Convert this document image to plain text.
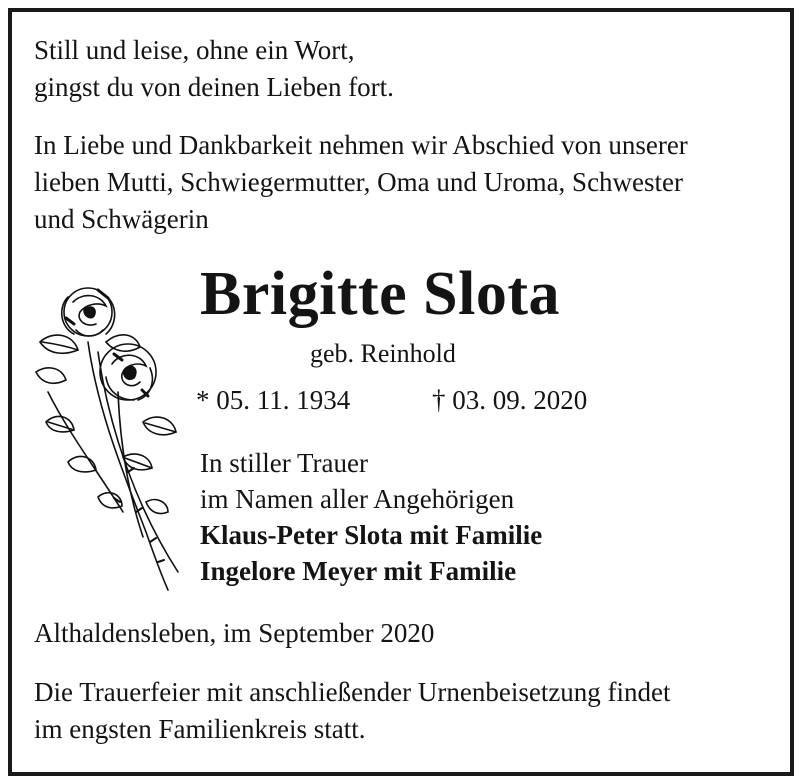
Still und leise, ohne ein Wort,
gingst du von deinen Lieben fort.
In Liebe und Dankbarkeit nehmen wir Abschied von unserer
lieben Mutti, Schwiegermutter, Oma und Uroma, Schwester
und Schwägerin
Brigitte Slota
geb. Reinhold
* 05. 11. 1934	† 03. 09. 2020
In stiller Trauer
im Namen aller Angehörigen
Klaus-Peter Slota mit Familie
Ingelore Meyer mit Familie
Althaldensleben, im September 2020
Die Trauerfeier mit anschließender Urnenbeisetzung findet
im engsten Familienkreis statt.
